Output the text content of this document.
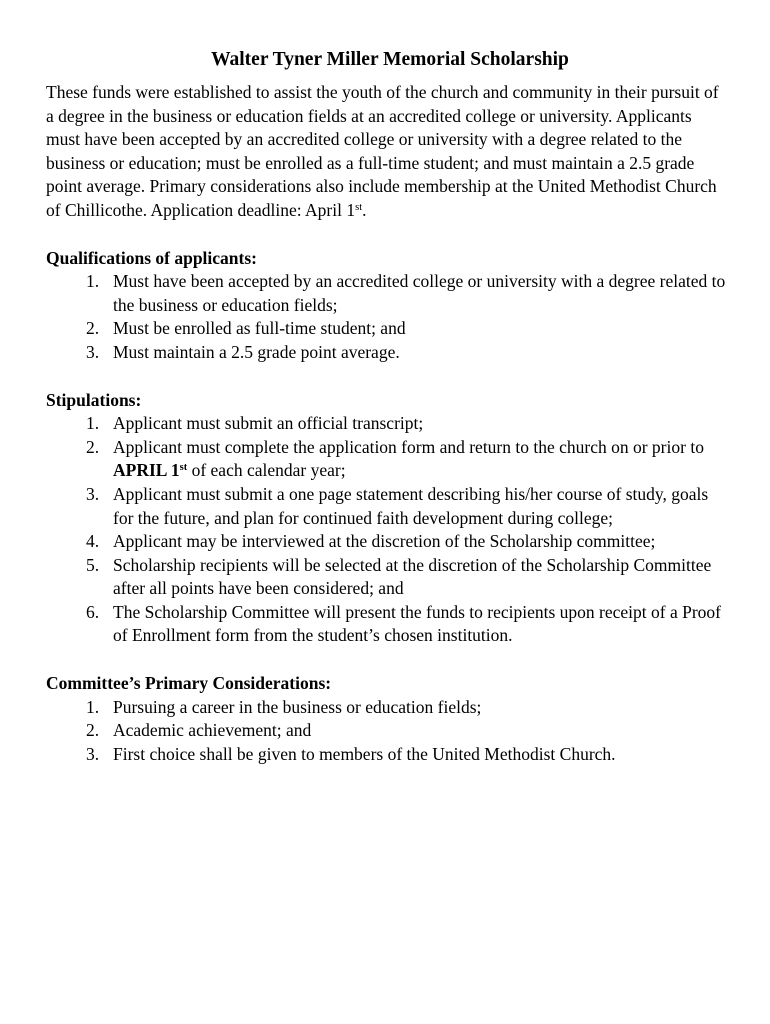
Walter Tyner Miller Memorial Scholarship

These funds were established to assist the youth of the church and community in their pursuit of a degree in the business or education fields at an accredited college or university. Applicants must have been accepted by an accredited college or university with a degree related to the business or education; must be enrolled as a full-time student; and must maintain a 2.5 grade point average. Primary considerations also include membership at the United Methodist Church of Chillicothe. Application deadline: April 1st.

Qualifications of applicants:
1. Must have been accepted by an accredited college or university with a degree related to the business or education fields;
2. Must be enrolled as full-time student; and
3. Must maintain a 2.5 grade point average.
Stipulations:
1. Applicant must submit an official transcript;
2. Applicant must complete the application form and return to the church on or prior to APRIL 1st of each calendar year;
3. Applicant must submit a one page statement describing his/her course of study, goals for the future, and plan for continued faith development during college;
4. Applicant may be interviewed at the discretion of the Scholarship committee;
5. Scholarship recipients will be selected at the discretion of the Scholarship Committee after all points have been considered; and
6. The Scholarship Committee will present the funds to recipients upon receipt of a Proof of Enrollment form from the student’s chosen institution.
Committee’s Primary Considerations:
1. Pursuing a career in the business or education fields;
2. Academic achievement; and
3. First choice shall be given to members of the United Methodist Church.
